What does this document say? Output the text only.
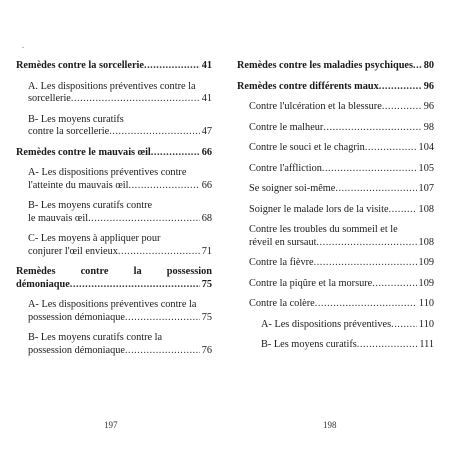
.
Remèdes contre la sorcellerie .....	41
A. Les dispositions préventives contre la
sorcellerie .....	41
B- Les moyens curatifs
contre la sorcellerie .....	47
Remèdes contre le mauvais œil .....	66
A- Les dispositions préventives contre
l'atteinte du mauvais œil .....	66
B- Les moyens curatifs contre
le mauvais œil .....	68
C- Les moyens à appliquer pour
conjurer l'œil envieux .....	71
Remèdes contre la possession
démoniaque .....	75
A- Les dispositions préventives contre la
possession démoniaque .....	75
B- Les moyens curatifs contre la
possession démoniaque .....	76
197
Remèdes contre les maladies psychiques ..... 80
Remèdes contre différents maux .....	96
Contre l'ulcération et la blessure .....	96
Contre le malheur .....	98
Contre le souci et le chagrin .....	104
Contre l'affliction .....	105
Se soigner soi-même .....	107
Soigner le malade lors de la visite .....	108
Contre les troubles du sommeil et le
réveil en sursaut .....	108
Contre la fièvre .....	109
Contre la piqûre et la morsure .....	109
Contre la colère .....	110
A- Les dispositions préventives .....	110
B- Les moyens curatifs .....	111
198
